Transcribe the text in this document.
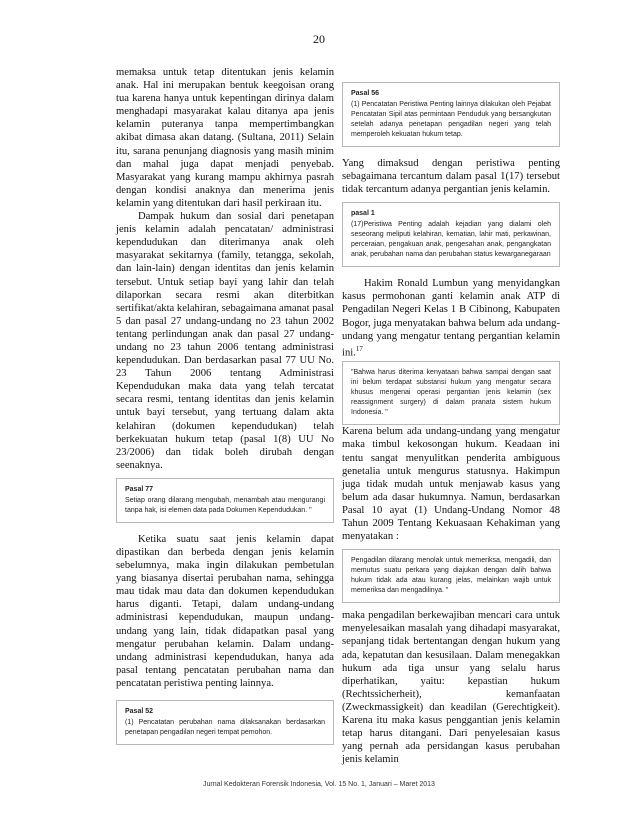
20

memaksa untuk tetap ditentukan jenis kelamin anak. Hal ini merupakan bentuk keegoisan orang tua karena hanya untuk kepentingan dirinya dalam menghadapi masyarakat kalau ditanya apa jenis kelamin puteranya tanpa mempertimbangkan akibat dimasa akan datang. (Sultana, 2011) Selain itu, sarana penunjang diagnosis yang masih minim dan mahal juga dapat menjadi penyebab. Masyarakat yang kurang mampu akhirnya pasrah dengan kondisi anaknya dan menerima jenis kelamin yang ditentukan dari hasil perkiraan itu.

Dampak hukum dan sosial dari penetapan jenis kelamin adalah pencatatan/ administrasi kependudukan dan diterimanya anak oleh masyarakat sekitarnya (family, tetangga, sekolah, dan lain-lain) dengan identitas dan jenis kelamin tersebut. Untuk setiap bayi yang lahir dan telah dilaporkan secara resmi akan diterbitkan sertifikat/akta kelahiran, sebagaimana amanat pasal 5 dan pasal 27 undang-undang no 23 tahun 2002 tentang perlindungan anak dan pasal 27 undang-undang no 23 tahun 2006 tentang administrasi kependudukan. Dan berdasarkan pasal 77 UU No. 23 Tahun 2006 tentang Administrasi Kependudukan maka data yang telah tercatat secara resmi, tentang identitas dan jenis kelamin untuk bayi tersebut, yang tertuang dalam akta kelahiran (dokumen kependudukan) telah berkekuatan hukum tetap (pasal 1(8) UU No 23/2006) dan tidak boleh dirubah dengan seenaknya.

Pasal 77
Setiap orang dilarang mengubah, menambah atau mengurangi tanpa hak, isi elemen data pada Dokumen Kependudukan. "

Ketika suatu saat jenis kelamin dapat dipastikan dan berbeda dengan jenis kelamin sebelumnya, maka ingin dilakukan pembetulan yang biasanya disertai perubahan nama, sehingga mau tidak mau data dan dokumen kependudukan harus diganti. Tetapi, dalam undang-undang administrasi kependudukan, maupun undang-undang yang lain, tidak didapatkan pasal yang mengatur perubahan kelamin. Dalam undang-undang administrasi kependudukan, hanya ada pasal tentang pencatatan perubahan nama dan pencatatan peristiwa penting lainnya.

Pasal 52
(1) Pencatatan perubahan nama dilaksanakan berdasarkan penetapan pengadilan negeri tempat pemohon.
Pasal 56
(1) Pencatatan Peristiwa Penting lainnya dilakukan oleh Pejabat Pencatatan Sipil atas permintaan Penduduk yang bersangkutan setelah adanya penetapan pengadilan negeri yang telah memperoleh kekuatan hukum tetap.

Yang dimaksud dengan peristiwa penting sebagaimana tercantum dalam pasal 1(17) tersebut tidak tercantum adanya pergantian jenis kelamin.

pasal 1
(17)Peristiwa Penting adalah kejadian yang dialami oleh seseorang meliputi kelahiran, kematian, lahir mati, perkawinan, perceraian, pengakuan anak, pengesahan anak, pengangkatan anak, perubahan nama dan perubahan status kewarganegaraan

Hakim Ronald Lumbun yang menyidangkan kasus permohonan ganti kelamin anak ATP di Pengadilan Negeri Kelas 1 B Cibinong, Kabupaten Bogor, juga menyatakan bahwa belum ada undang-undang yang mengatur tentang pergantian kelamin ini.$^{17}$

"Bahwa harus diterima kenyataan bahwa sampai dengan saat ini belum terdapat substansi hukum yang mengatur secara khusus mengenai operasi pergantian jenis kelamin (sex reassignment surgery) di dalam pranata sistem hukum Indonesia. "

Karena belum ada undang-undang yang mengatur maka timbul kekosongan hukum. Keadaan ini tentu sangat menyulitkan penderita ambiguous genetalia untuk mengurus statusnya. Hakimpun juga tidak mudah untuk menjawab kasus yang belum ada dasar hukumnya. Namun, berdasarkan Pasal 10 ayat (1) Undang-Undang Nomor 48 Tahun 2009 Tentang Kekuasaan Kehakiman yang menyatakan :

Pengadilan dilarang menolak untuk memeriksa, mengadili, dan memutus suatu perkara yang diajukan dengan dalih bahwa hukum tidak ada atau kurang jelas, melainkan wajib untuk memeriksa dan mengadilinya. "

maka pengadilan berkewajiban mencari cara untuk menyelesaikan masalah yang dihadapi masyarakat, sepanjang tidak bertentangan dengan hukum yang ada, kepatutan dan kesusilaan. Dalam menegakkan hukum ada tiga unsur yang selalu harus diperhatikan, yaitu: kepastian hukum (Rechtssicherheit), kemanfaatan (Zweckmassigkeit) dan keadilan (Gerechtigkeit). Karena itu maka kasus penggantian jenis kelamin tetap harus ditangani. Dari penyelesaian kasus yang pernah ada persidangan kasus perubahan jenis kelamin

Jurnal Kedokteran Forensik Indonesia, Vol. 15 No. 1, Januari – Maret 2013
